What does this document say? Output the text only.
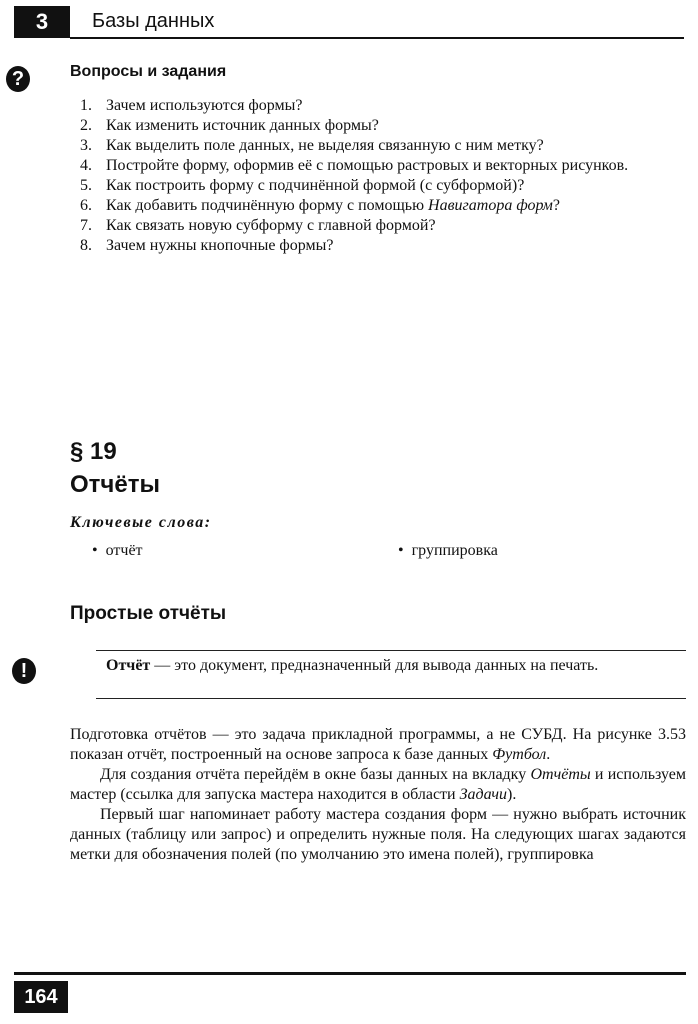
3	Базы данных
?	Вопросы и задания
1. Зачем используются формы?
2. Как изменить источник данных формы?
3. Как выделить поле данных, не выделяя связанную с ним метку?
4. Постройте форму, оформив её с помощью растровых и векторных рисунков.
5. Как построить форму с подчинённой формой (с субформой)?
6. Как добавить подчинённую форму с помощью Навигатора форм?
7. Как связать новую субформу с главной формой?
8. Зачем нужны кнопочные формы?
§ 19
Отчёты
Ключевые слова:
• отчёт	• группировка
Простые отчёты
!	Отчёт — это документ, предназначенный для вывода данных на печать.

Подготовка отчётов — это задача прикладной программы, а не СУБД. На рисунке 3.53 показан отчёт, построенный на основе запроса к базе данных Футбол.

Для создания отчёта перейдём в окне базы данных на вкладку Отчёты и используем мастер (ссылка для запуска мастера находится в области Задачи).

Первый шаг напоминает работу мастера создания форм — нужно выбрать источник данных (таблицу или запрос) и определить нужные поля. На следующих шагах задаются метки для обозначения полей (по умолчанию это имена полей), группировка

164
